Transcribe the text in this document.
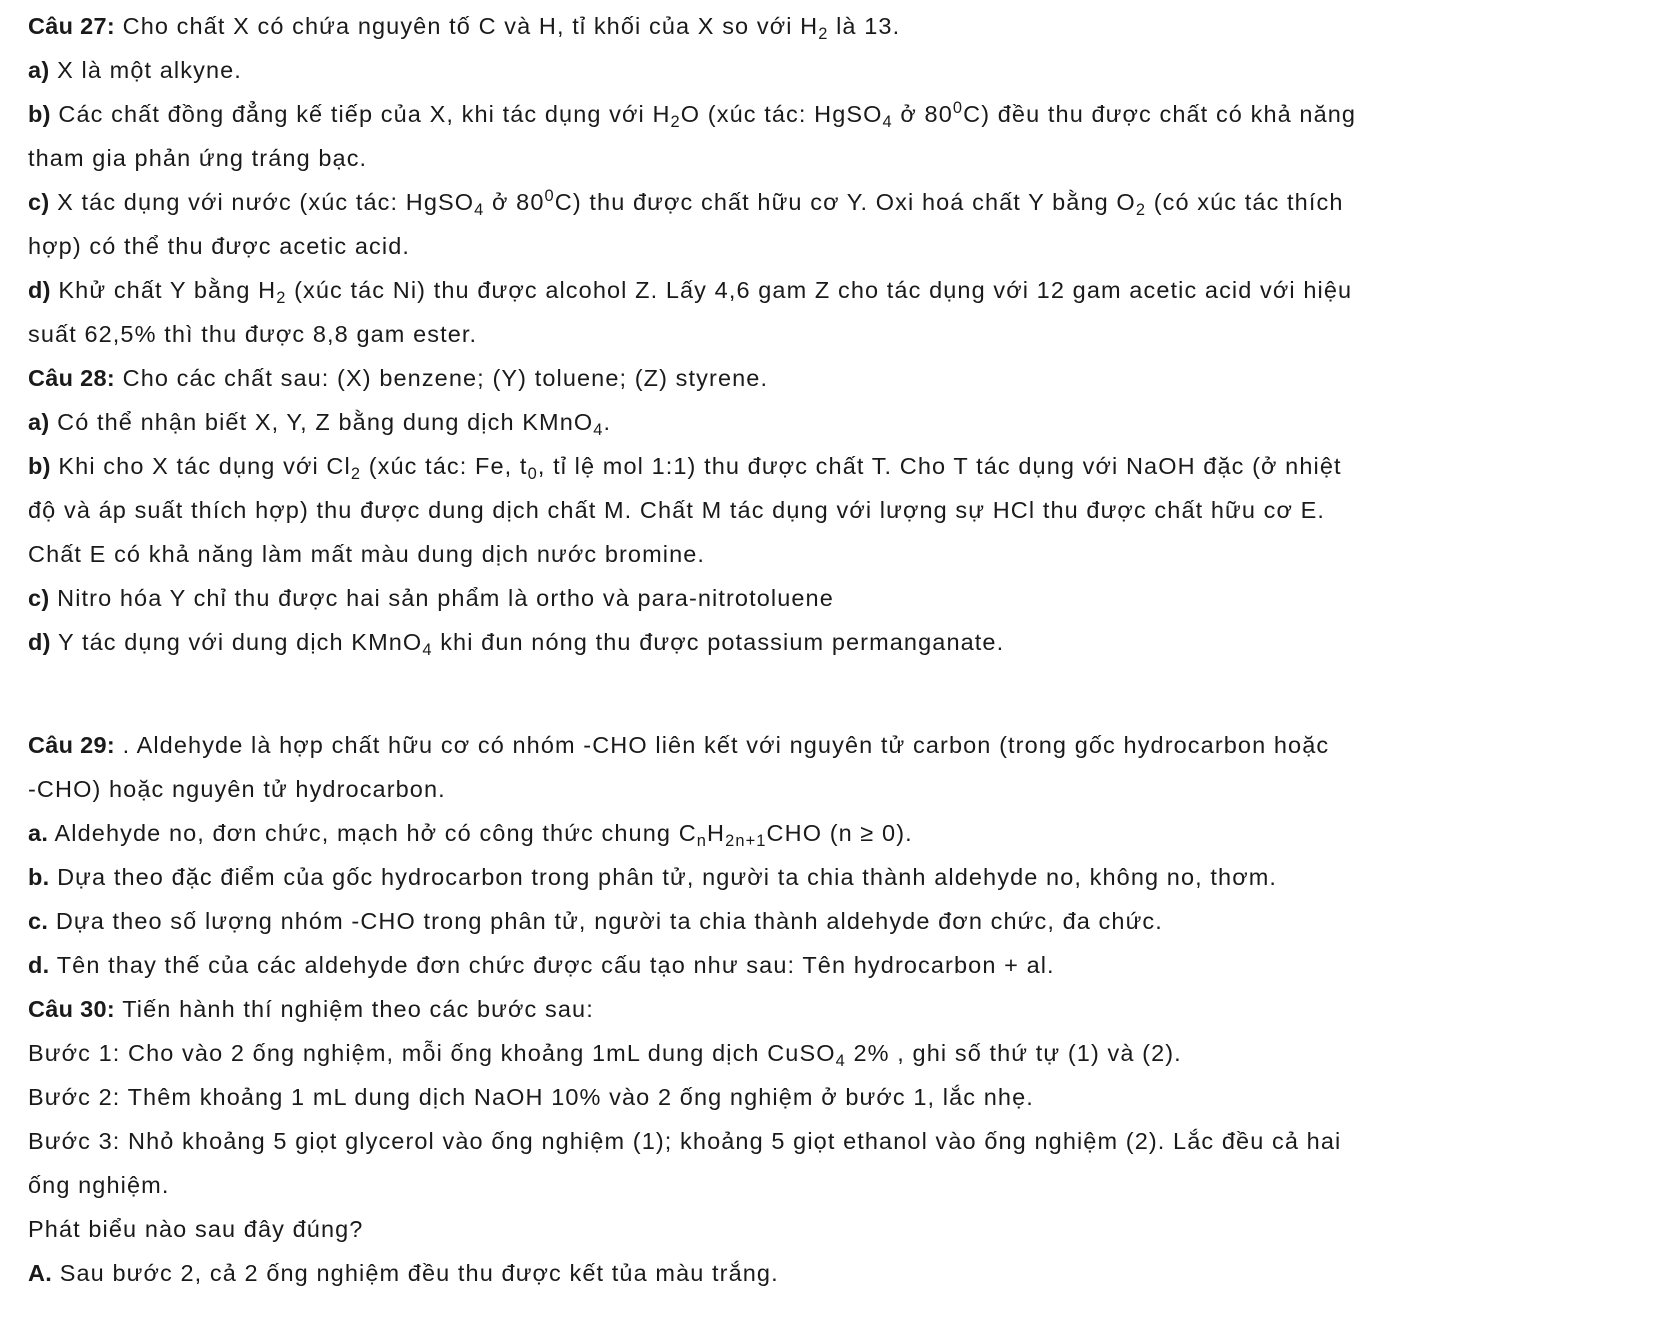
Câu 27: Cho chất X có chứa nguyên tố C và H, tỉ khối của X so với $H_2$ là 13.
a) X là một alkyne.
b) Các chất đồng đẳng kế tiếp của X, khi tác dụng với $H_2O$ (xúc tác: HgSO$_4$ ở $80^0C$) đều thu được chất có khả năng
tham gia phản ứng tráng bạc.
c) X tác dụng với nước (xúc tác: HgSO$_4$ ở $80^0C$) thu được chất hữu cơ Y. Oxi hoá chất Y bằng $O_2$ (có xúc tác thích
hợp) có thể thu được acetic acid.
d) Khử chất Y bằng $H_2$ (xúc tác Ni) thu được alcohol Z. Lấy 4,6 gam Z cho tác dụng với 12 gam acetic acid với hiệu
suất 62,5% thì thu được 8,8 gam ester.
Câu 28: Cho các chất sau: (X) benzene; (Y) toluene; (Z) styrene.
a) Có thể nhận biết X, Y, Z bằng dung dịch KMnO$_4$.
b) Khi cho X tác dụng với $Cl_2$ (xúc tác: Fe, $t_0$, tỉ lệ mol 1:1) thu được chất T. Cho T tác dụng với NaOH đặc (ở nhiệt
độ và áp suất thích hợp) thu được dung dịch chất M. Chất M tác dụng với lượng sự HCl thu được chất hữu cơ E.
Chất E có khả năng làm mất màu dung dịch nước bromine.
c) Nitro hóa Y chỉ thu được hai sản phẩm là ortho và para-nitrotoluene
d) Y tác dụng với dung dịch KMnO$_4$ khi đun nóng thu được potassium permanganate.
Câu 29: . Aldehyde là hợp chất hữu cơ có nhóm -CHO liên kết với nguyên tử carbon (trong gốc hydrocarbon hoặc
-CHO) hoặc nguyên tử hydrocarbon.
a. Aldehyde no, đơn chức, mạch hở có công thức chung $C_nH_{2n+1}CHO$ (n ≥ 0).
b. Dựa theo đặc điểm của gốc hydrocarbon trong phân tử, người ta chia thành aldehyde no, không no, thơm.
c. Dựa theo số lượng nhóm -CHO trong phân tử, người ta chia thành aldehyde đơn chức, đa chức.
d. Tên thay thế của các aldehyde đơn chức được cấu tạo như sau: Tên hydrocarbon + al.
Câu 30: Tiến hành thí nghiệm theo các bước sau:
Bước 1: Cho vào 2 ống nghiệm, mỗi ống khoảng 1mL dung dịch CuSO$_4$ 2% , ghi số thứ tự (1) và (2).
Bước 2: Thêm khoảng 1 mL dung dịch NaOH 10% vào 2 ống nghiệm ở bước 1, lắc nhẹ.
Bước 3: Nhỏ khoảng 5 giọt glycerol vào ống nghiệm (1); khoảng 5 giọt ethanol vào ống nghiệm (2). Lắc đều cả hai
ống nghiệm.
Phát biểu nào sau đây đúng?
A. Sau bước 2, cả 2 ống nghiệm đều thu được kết tủa màu trắng.
